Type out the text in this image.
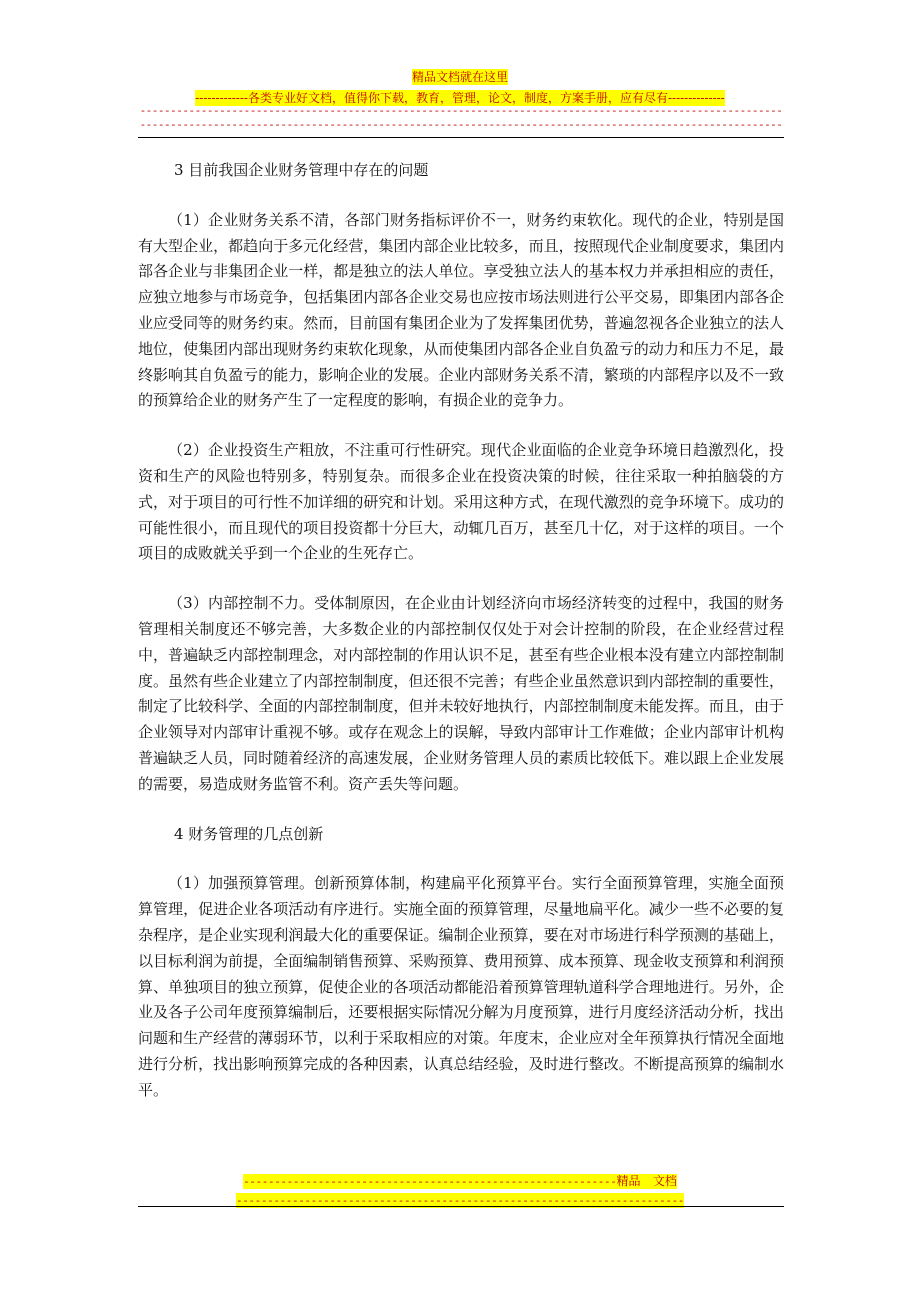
精品文档就在这里
-------------各类专业好文档，值得你下载，教育，管理，论文，制度，方案手册，应有尽有--------------
------------------------------------------------------------------------------------------------------------------------------------------------------------------------------------------------------------------
3 目前我国企业财务管理中存在的问题

（1）企业财务关系不清，各部门财务指标评价不一，财务约束软化。现代的企业，特别是国有大型企业，都趋向于多元化经营，集团内部企业比较多，而且，按照现代企业制度要求，集团内部各企业与非集团企业一样，都是独立的法人单位。享受独立法人的基本权力并承担相应的责任，应独立地参与市场竞争，包括集团内部各企业交易也应按市场法则进行公平交易，即集团内部各企业应受同等的财务约束。然而，目前国有集团企业为了发挥集团优势，普遍忽视各企业独立的法人地位，使集团内部出现财务约束软化现象，从而使集团内部各企业自负盈亏的动力和压力不足，最终影响其自负盈亏的能力，影响企业的发展。企业内部财务关系不清，繁琐的内部程序以及不一致的预算给企业的财务产生了一定程度的影响，有损企业的竞争力。

（2）企业投资生产粗放，不注重可行性研究。现代企业面临的企业竞争环境日趋激烈化，投资和生产的风险也特别多，特别复杂。而很多企业在投资决策的时候，往往采取一种拍脑袋的方式，对于项目的可行性不加详细的研究和计划。采用这种方式，在现代激烈的竞争环境下。成功的可能性很小，而且现代的项目投资都十分巨大，动辄几百万，甚至几十亿，对于这样的项目。一个项目的成败就关乎到一个企业的生死存亡。

（3）内部控制不力。受体制原因，在企业由计划经济向市场经济转变的过程中，我国的财务管理相关制度还不够完善，大多数企业的内部控制仅仅处于对会计控制的阶段，在企业经营过程中，普遍缺乏内部控制理念，对内部控制的作用认识不足，甚至有些企业根本没有建立内部控制制度。虽然有些企业建立了内部控制制度，但还很不完善；有些企业虽然意识到内部控制的重要性，制定了比较科学、全面的内部控制制度，但并未较好地执行，内部控制制度未能发挥。而且，由于企业领导对内部审计重视不够。或存在观念上的误解，导致内部审计工作难做；企业内部审计机构普遍缺乏人员，同时随着经济的高速发展，企业财务管理人员的素质比较低下。难以跟上企业发展的需要，易造成财务监管不利。资产丢失等问题。

4 财务管理的几点创新

（1）加强预算管理。创新预算体制，构建扁平化预算平台。实行全面预算管理，实施全面预算管理，促进企业各项活动有序进行。实施全面的预算管理，尽量地扁平化。减少一些不必要的复杂程序，是企业实现利润最大化的重要保证。编制企业预算，要在对市场进行科学预测的基础上，以目标利润为前提，全面编制销售预算、采购预算、费用预算、成本预算、现金收支预算和利润预算、单独项目的独立预算，促使企业的各项活动都能沿着预算管理轨道科学合理地进行。另外，企业及各子公司年度预算编制后，还要根据实际情况分解为月度预算，进行月度经济活动分析，找出问题和生产经营的薄弱环节，以利于采取相应的对策。年度末，企业应对全年预算执行情况全面地进行分析，找出影响预算完成的各种因素，认真总结经验，及时进行整改。不断提高预算的编制水平。

------------------------------------------------------------精品 文档
------------------------------------------------------------------------
